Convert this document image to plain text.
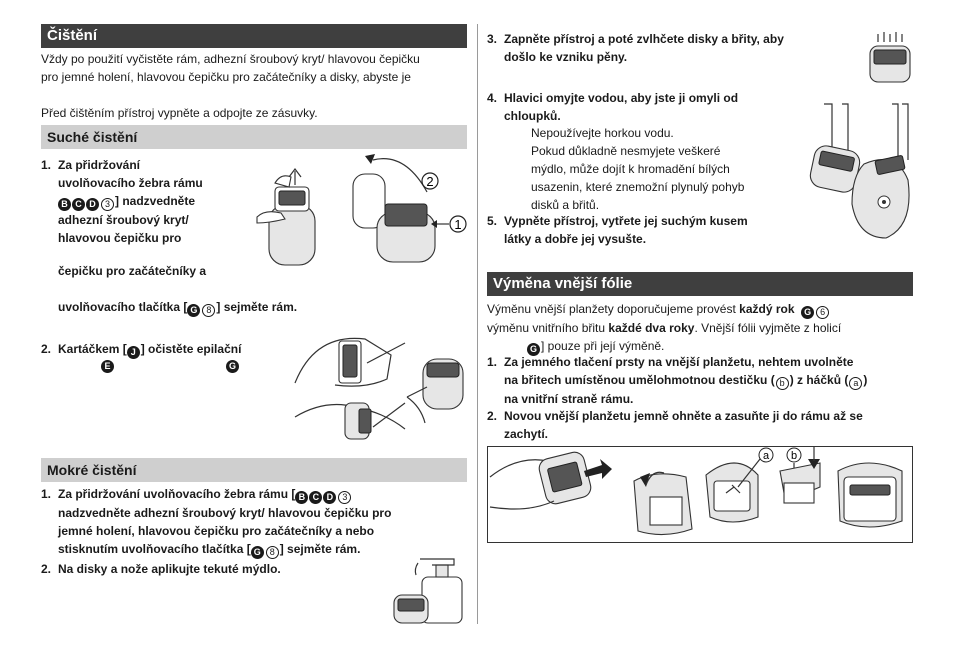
Čištění
Vždy po použití vyčistěte rám, adhezní šroubový kryt/ hlavovou čepičku
pro jemné holení, hlavovou čepičku pro začátečníky a disky, abyste je
Před čištěním přístroj vypněte a odpojte ze zásuvky.
Suché čistění
1. Za přidržování
uvolňovacího žebra rámu
B C D 3 ] nadzvedněte
adhezní šroubový kryt/
hlavovou čepičku pro
čepičku pro začátečníky a
uvolňovacího tlačítka [ G 8 ] sejměte rám.
2
1
2. Kartáčkem [ J ] očistěte epilační
E	G
Mokré čistění
1. Za přidržování uvolňovacího žebra rámu [ B C D 3
nadzvedněte adhezní šroubový kryt/ hlavovou čepičku pro
jemné holení, hlavovou čepičku pro začátečníky a nebo
stisknutím uvolňovacího tlačítka [ G 8 ] sejměte rám.
2. Na disky a nože aplikujte tekuté mýdlo.
3. Zapněte přístroj a poté zvlhčete disky a břity, aby
došlo ke vzniku pěny.
4. Hlavici omyjte vodou, aby jste ji omyli od
chloupků.
Nepoužívejte horkou vodu.
Pokud důkladně nesmyjete veškeré
mýdlo, může dojít k hromadění bílých
usazenin, které znemožní plynulý pohyb
disků a břitů.
5. Vypněte přístroj, vytřete jej suchým kusem
látky a dobře jej vysušte.
Výměna vnější fólie
Výměnu vnější planžety doporučujeme provést každý rok G 6
výměnu vnitřního břitu každé dva roky. Vnější fólii vyjměte z holicí
G ] pouze při její výměně.
1. Za jemného tlačení prsty na vnější planžetu, nehtem uvolněte
na břitech umístěnou umělohmotnou destičku ( b ) z háčků ( a )
na vnitřní straně rámu.
2. Novou vnější planžetu jemně ohněte a zasuňte ji do rámu až se
zachytí.
a b
